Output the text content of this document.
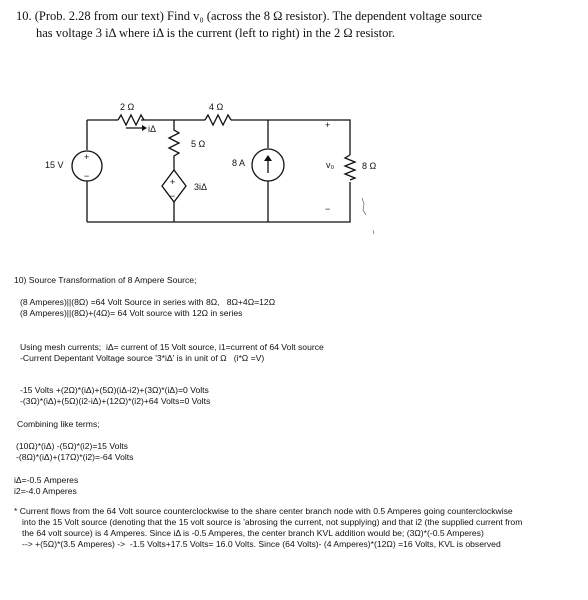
10. (Prob. 2.28 from our text) Find v₀ (across the 8 Ω resistor). The dependent voltage source
has voltage 3 iΔ where iΔ is the current (left to right) in the 2 Ω resistor.
2 Ω	4 Ω
5 Ω
8 Ω
15 V	8 A
3iΔ
iΔ
v₀
+
−
+
−
+
−
10) Source Transformation of 8 Ampere Source;
(8 Amperes)||(8Ω) =64 Volt Source in series with 8Ω,   8Ω+4Ω=12Ω
(8 Amperes)||(8Ω)+(4Ω)= 64 Volt source with 12Ω in series
Using mesh currents;  iΔ= current of 15 Volt source, i1=current of 64 Volt source
-Current Depentant Voltage source '3*iΔ' is in unit of Ω   (i*Ω =V)
-15 Volts +(2Ω)*(iΔ)+(5Ω)(iΔ-i2)+(3Ω)*(iΔ)=0 Volts
-(3Ω)*(iΔ)+(5Ω)(i2-iΔ)+(12Ω)*(i2)+64 Volts=0 Volts
Combining like terms;
(10Ω)*(iΔ) -(5Ω)*(i2)=15 Volts
-(8Ω)*(iΔ)+(17Ω)*(i2)=-64 Volts
iΔ=-0.5 Amperes
i2=-4.0 Amperes
* Current flows from the 64 Volt source counterclockwise to the share center branch node with 0.5 Amperes going counterclockwise
into the 15 Volt source (denoting that the 15 volt source is 'abrosing the current, not supplying) and that i2 (the supplied current from
the 64 volt source) is 4 Amperes. Since iΔ is -0.5 Amperes, the center branch KVL addition would be; (3Ω)*(-0.5 Amperes)
--> +(5Ω)*(3.5 Amperes) ->  -1.5 Volts+17.5 Volts= 16.0 Volts. Since (64 Volts)- (4 Amperes)*(12Ω) =16 Volts, KVL is observed
